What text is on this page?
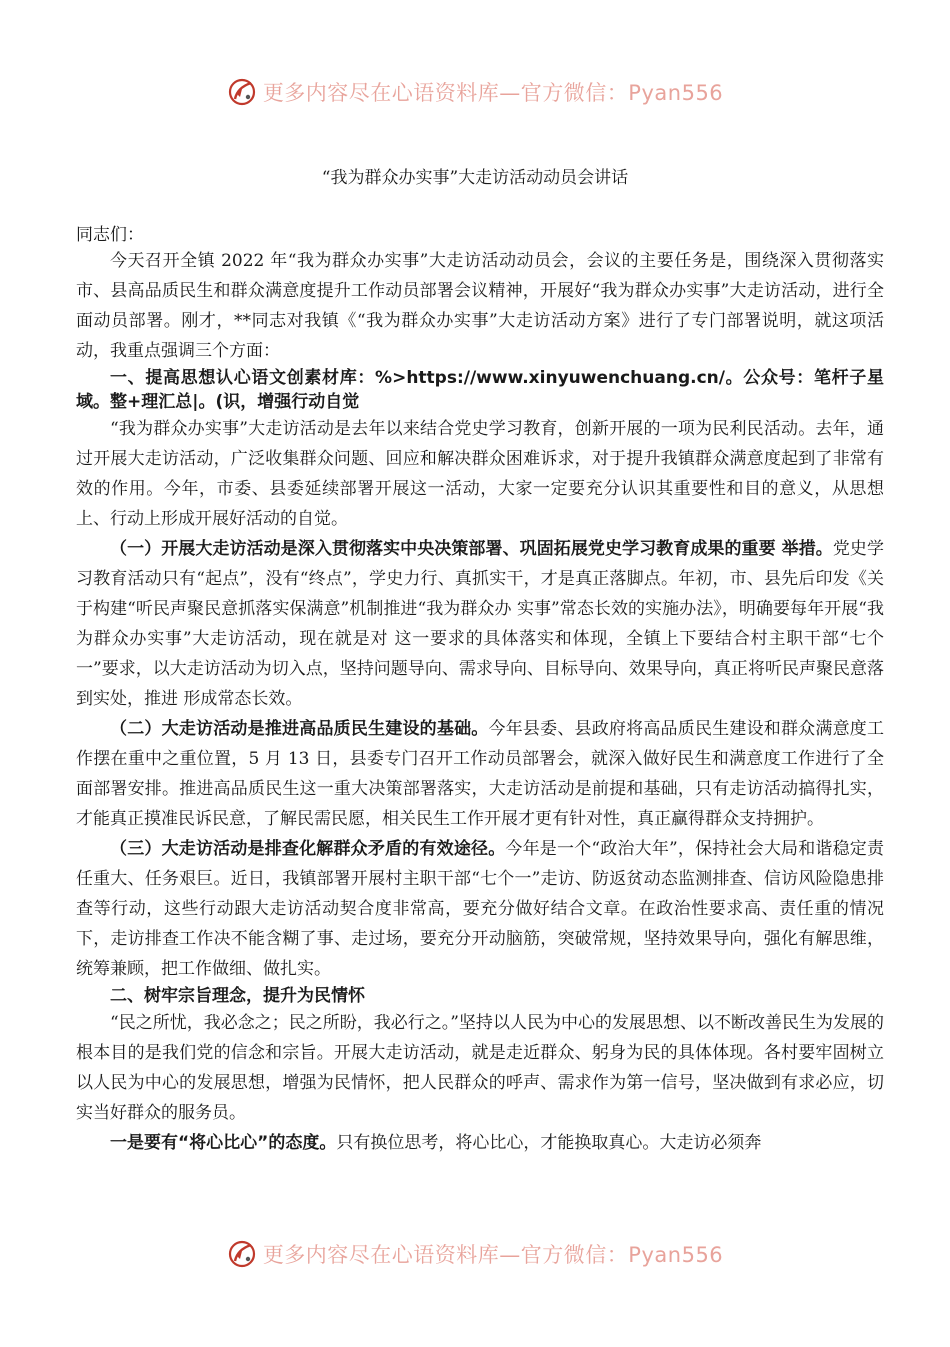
更多内容尽在心语资料库—官方微信：Pyan556
“我为群众办实事”大走访活动动员会讲话
同志们：

今天召开全镇 2022 年“我为群众办实事”大走访活动动员会，会议的主要任务是，围绕深入贯彻落实市、县高品质民生和群众满意度提升工作动员部署会议精神，开展好“我为群众办实事”大走访活动，进行全面动员部署。刚才，**同志对我镇《“我为群众办实事”大走访活动方案》进行了专门部署说明，就这项活动，我重点强调三个方面：

一、提高思想认心语文创素材库：%>https://www.xinyuwenchuang.cn/。公众号：笔杆子星域。整+理汇总|。(识，增强行动自觉

“我为群众办实事”大走访活动是去年以来结合党史学习教育，创新开展的一项为民利民活动。去年，通过开展大走访活动，广泛收集群众问题、回应和解决群众困难诉求，对于提升我镇群众满意度起到了非常有效的作用。今年，市委、县委延续部署开展这一活动，大家一定要充分认识其重要性和目的意义，从思想上、行动上形成开展好活动的自觉。

（一）开展大走访活动是深入贯彻落实中央决策部署、巩固拓展党史学习教育成果的重要 举措。党史学习教育活动只有“起点”，没有“终点”，学史力行、真抓实干，才是真正落脚点。年初，市、县先后印发《关于构建“听民声聚民意抓落实保满意”机制推进“我为群众办 实事”常态长效的实施办法》，明确要每年开展“我为群众办实事”大走访活动，现在就是对 这一要求的具体落实和体现，全镇上下要结合村主职干部“七个一”要求，以大走访活动为切入点，坚持问题导向、需求导向、目标导向、效果导向，真正将听民声聚民意落到实处，推进 形成常态长效。

（二）大走访活动是推进高品质民生建设的基础。今年县委、县政府将高品质民生建设和群众满意度工作摆在重中之重位置，5 月 13 日，县委专门召开工作动员部署会，就深入做好民生和满意度工作进行了全面部署安排。推进高品质民生这一重大决策部署落实，大走访活动是前提和基础，只有走访活动搞得扎实，才能真正摸准民诉民意，了解民需民愿，相关民生工作开展才更有针对性，真正赢得群众支持拥护。

（三）大走访活动是排查化解群众矛盾的有效途径。今年是一个“政治大年”，保持社会大局和谐稳定责任重大、任务艰巨。近日，我镇部署开展村主职干部“七个一”走访、防返贫动态监测排查、信访风险隐患排查等行动，这些行动跟大走访活动契合度非常高，要充分做好结合文章。在政治性要求高、责任重的情况下，走访排查工作决不能含糊了事、走过场，要充分开动脑筋，突破常规，坚持效果导向，强化有解思维，统筹兼顾，把工作做细、做扎实。

二、树牢宗旨理念，提升为民情怀

“民之所忧，我必念之；民之所盼，我必行之。”坚持以人民为中心的发展思想、以不断改善民生为发展的根本目的是我们党的信念和宗旨。开展大走访活动，就是走近群众、躬身为民的具体体现。各村要牢固树立以人民为中心的发展思想，增强为民情怀，把人民群众的呼声、需求作为第一信号，坚决做到有求必应，切实当好群众的服务员。

一是要有“将心比心”的态度。只有换位思考，将心比心，才能换取真心。大走访必须奔

更多内容尽在心语资料库—官方微信：Pyan556
